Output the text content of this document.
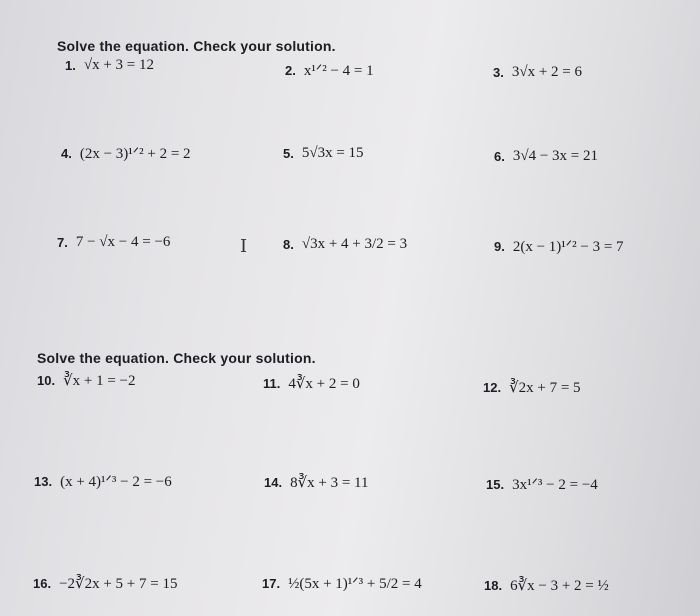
Solve the equation. Check your solution.
1. √x + 3 = 12	2. x¹ᐟ² − 4 = 1	3. 3√x + 2 = 6
4. (2x − 3)¹ᐟ² + 2 = 2	5. 5√3x = 15	6. 3√4 − 3x = 21
7. 7 − √x − 4 = −6	8. √3x + 4 + 3/2 = 3	9. 2(x − 1)¹ᐟ² − 3 = 7
I
Solve the equation. Check your solution.
10. ∛x + 1 = −2	11. 4∛x + 2 = 0	12. ∛2x + 7 = 5
13. (x + 4)¹ᐟ³ − 2 = −6	14. 8∛x + 3 = 11	15. 3x¹ᐟ³ − 2 = −4
16. −2∛2x + 5 + 7 = 15	17. ½(5x + 1)¹ᐟ³ + 5/2 = 4	18. 6∛x − 3 + 2 = ½
